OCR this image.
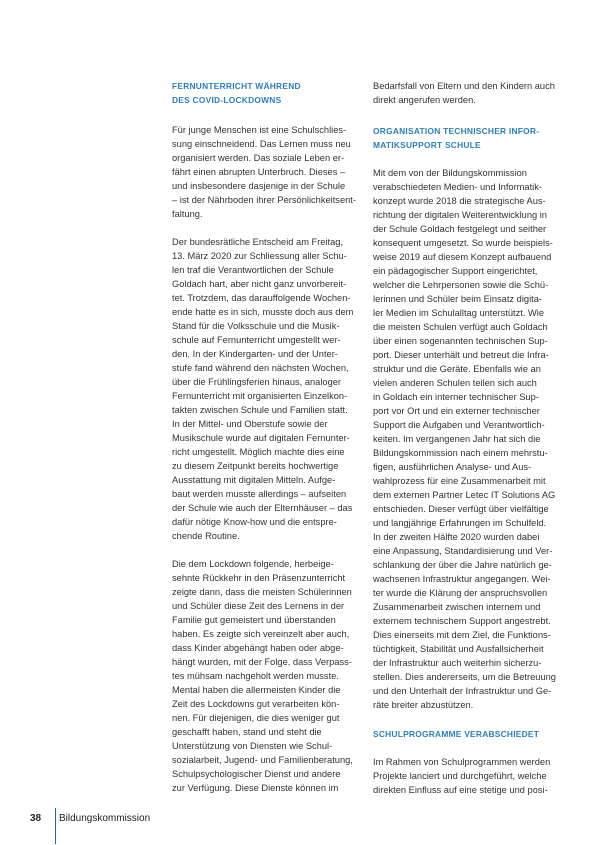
FERNUNTERRICHT WÄHREND
DES COVID-LOCKDOWNS
Für junge Menschen ist eine Schulschlies-
sung einschneidend. Das Lernen muss neu
organisiert werden. Das soziale Leben er-
fährt einen abrupten Unterbruch. Dieses –
und insbesondere dasjenige in der Schule
– ist der Nährboden ihrer Persönlichkeitsent-
faltung.
Der bundesrätliche Entscheid am Freitag,
13. März 2020 zur Schliessung aller Schu-
len traf die Verantwortlichen der Schule
Goldach hart, aber nicht ganz unvorbereit-
tet. Trotzdem, das darauffolgende Wochen-
ende hatte es in sich, musste doch aus dem
Stand für die Volksschule und die Musik-
schule auf Fernunterricht umgestellt wer-
den. In der Kindergarten- und der Unter-
stufe fand während den nächsten Wochen,
über die Frühlingsferien hinaus, analoger
Fernunterricht mit organisierten Einzelkon-
takten zwischen Schule und Familien statt.
In der Mittel- und Oberstufe sowie der
Musikschule wurde auf digitalen Fernunter-
richt umgestellt. Möglich machte dies eine
zu diesem Zeitpunkt bereits hochwertige
Ausstattung mit digitalen Mitteln. Aufge-
baut werden musste allerdings – aufseiten
der Schule wie auch der Elternhäuser – das
dafür nötige Know-how und die entspre-
chende Routine.
Die dem Lockdown folgende, herbeige-
sehnte Rückkehr in den Präsenzunterricht
zeigte dann, dass die meisten Schülerinnen
und Schüler diese Zeit des Lernens in der
Familie gut gemeistert und überstanden
haben. Es zeigte sich vereinzelt aber auch,
dass Kinder abgehängt haben oder abge-
hängt wurden, mit der Folge, dass Verpass-
tes mühsam nachgeholt werden musste.
Mental haben die allermeisten Kinder die
Zeit des Lockdowns gut verarbeiten kön-
nen. Für diejenigen, die dies weniger gut
geschafft haben, stand und steht die
Unterstützung von Diensten wie Schul-
sozialarbeit, Jugend- und Familienberatung,
Schulpsychologischer Dienst und andere
zur Verfügung. Diese Dienste können im
Bedarfsfall von Eltern und den Kindern auch
direkt angerufen werden.
ORGANISATION TECHNISCHER INFOR-
MATIKSUPPORT SCHULE
Mit dem von der Bildungskommission
verabschiedeten Medien- und Informatik-
konzept wurde 2018 die strategische Aus-
richtung der digitalen Weiterentwicklung in
der Schule Goldach festgelegt und seither
konsequent umgesetzt. So wurde beispiels-
weise 2019 auf diesem Konzept aufbauend
ein pädagogischer Support eingerichtet,
welcher die Lehrpersonen sowie die Schü-
lerinnen und Schüler beim Einsatz digita-
ler Medien im Schulalltag unterstützt. Wie
die meisten Schulen verfügt auch Goldach
über einen sogenannten technischen Sup-
port. Dieser unterhält und betreut die Infra-
struktur und die Geräte. Ebenfalls wie an
vielen anderen Schulen teilen sich auch
in Goldach ein interner technischer Sup-
port vor Ort und ein externer technischer
Support die Aufgaben und Verantwortlich-
keiten. Im vergangenen Jahr hat sich die
Bildungskommission nach einem mehrstu-
figen, ausführlichen Analyse- und Aus-
wahlprozess für eine Zusammenarbeit mit
dem externen Partner Letec IT Solutions AG
entschieden. Dieser verfügt über vielfältige
und langjährige Erfahrungen im Schulfeld.
In der zweiten Hälfte 2020 wurden dabei
eine Anpassung, Standardisierung und Ver-
schlankung der über die Jahre natürlich ge-
wachsenen Infrastruktur angegangen. Wei-
ter wurde die Klärung der anspruchsvollen
Zusammenarbeit zwischen internem und
externem technischem Support angestrebt.
Dies einerseits mit dem Ziel, die Funktions-
tüchtigkeit, Stabilität und Ausfallsicherheit
der Infrastruktur auch weiterhin sicherzu-
stellen. Dies andererseits, um die Betreuung
und den Unterhalt der Infrastruktur und Ge-
räte breiter abzustützen.
SCHULPROGRAMME VERABSCHIEDET
Im Rahmen von Schulprogrammen werden
Projekte lanciert und durchgeführt, welche
direkten Einfluss auf eine stetige und posi-
38 Bildungskommission
